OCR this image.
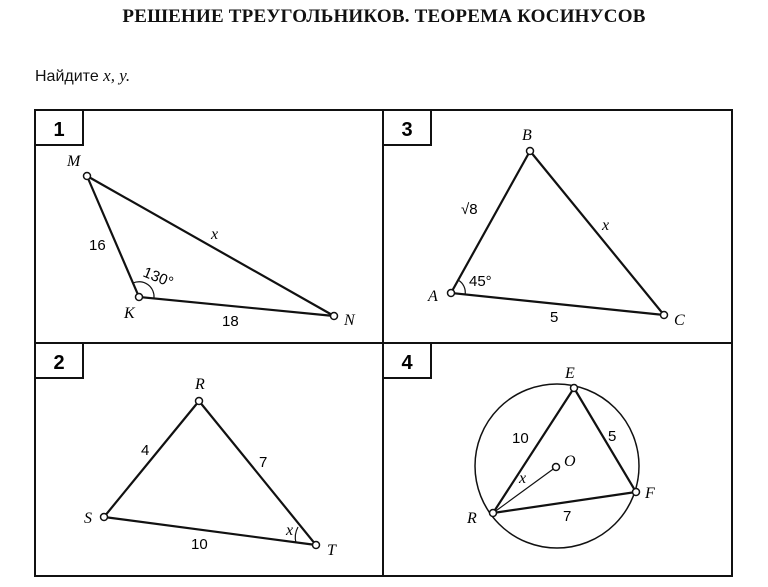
РЕШЕНИЕ ТРЕУГОЛЬНИКОВ. ТЕОРЕМА КОСИНУСОВ
Найдите x, y.
1	3
2	4
M
K	N
16
18
x
130°
B
A
C
√8
5
x
45°
R
S
T
4
7
10
x
E
O
F
R
10	5
7
x
